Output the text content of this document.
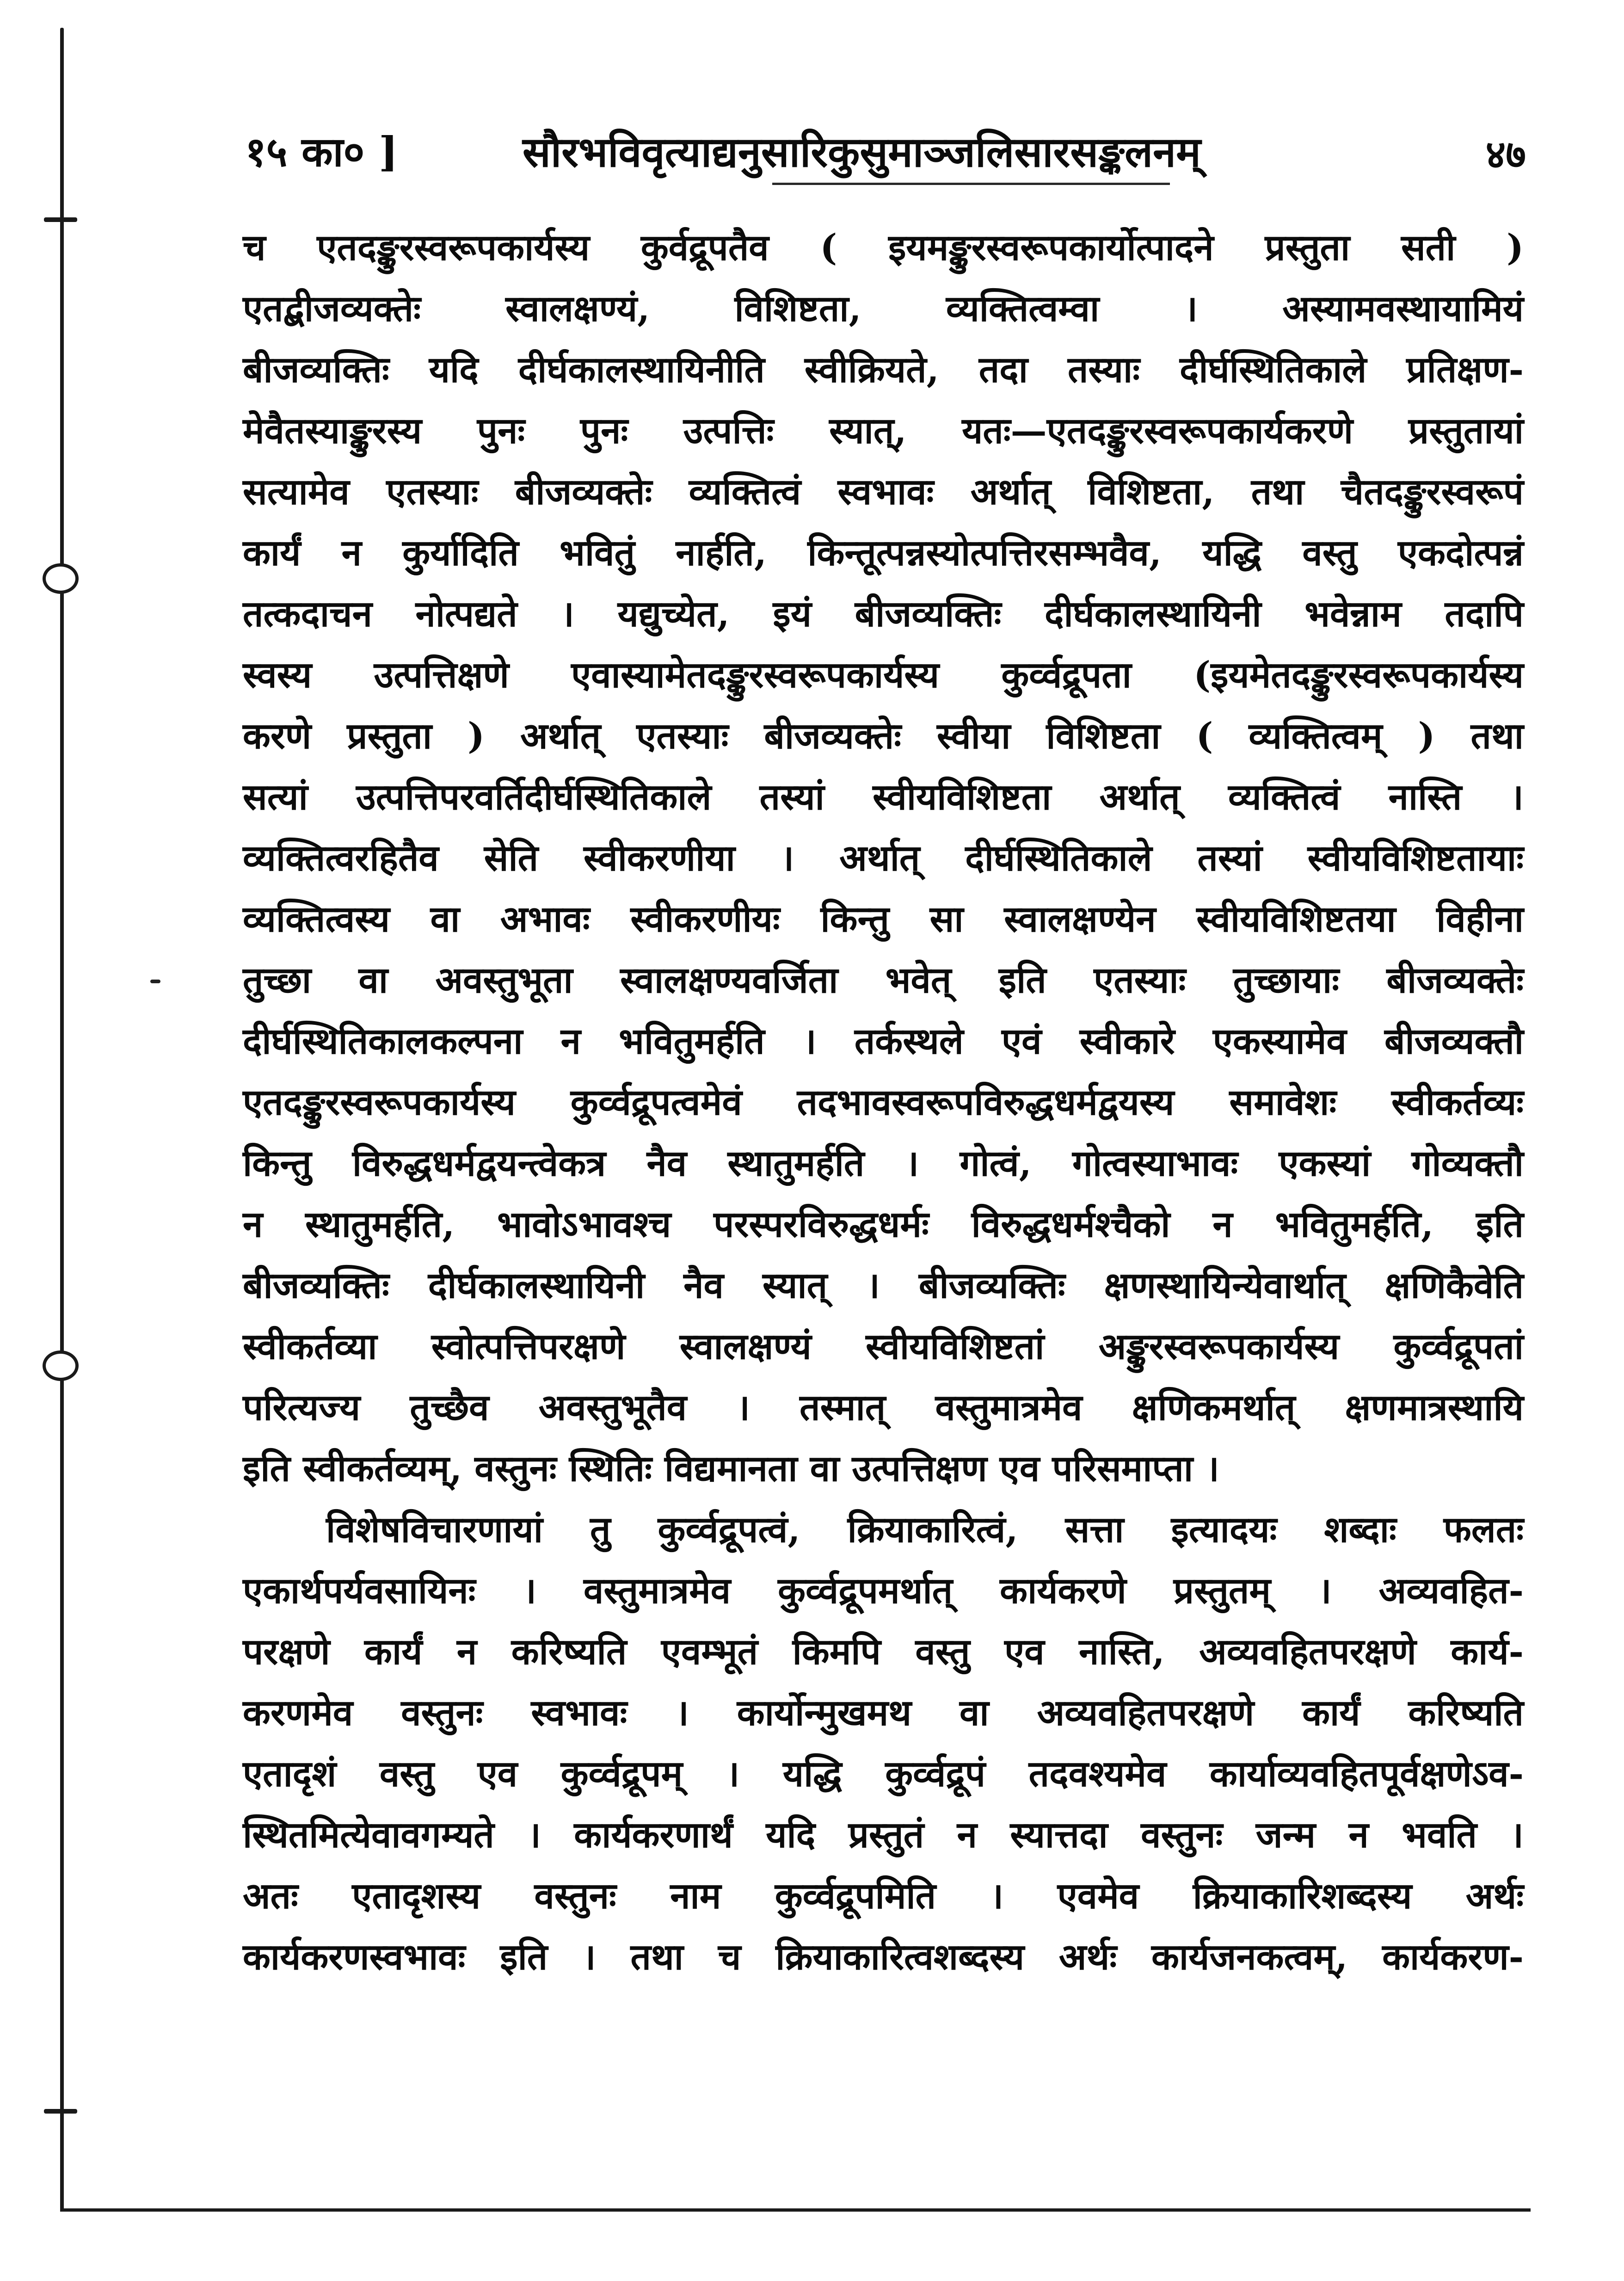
१५ का० ]	सौरभविवृत्याद्यनुसारिकुसुमाञ्जलिसारसङ्कलनम्	४७
च एतदङ्कुरस्वरूपकार्यस्य कुर्वद्रूपतैव ( इयमङ्कुरस्वरूपकार्योत्पादने प्रस्तुता सती )
एतद्बीजव्यक्तेः स्वालक्षण्यं, विशिष्टता, व्यक्तित्वम्वा । अस्यामवस्थायामियं
बीजव्यक्तिः यदि दीर्घकालस्थायिनीति स्वीक्रियते, तदा तस्याः दीर्घस्थितिकाले प्रतिक्षण-
मेवैतस्याङ्कुरस्य पुनः पुनः उत्पत्तिः स्यात्, यतः—एतदङ्कुरस्वरूपकार्यकरणे प्रस्तुतायां
सत्यामेव एतस्याः बीजव्यक्तेः व्यक्तित्वं स्वभावः अर्थात् विशिष्टता, तथा चैतदङ्कुरस्वरूपं
कार्यं न कुर्यादिति भवितुं नार्हति, किन्तूत्पन्नस्योत्पत्तिरसम्भवैव, यद्धि वस्तु एकदोत्पन्नं
तत्कदाचन नोत्पद्यते । यद्युच्येत, इयं बीजव्यक्तिः दीर्घकालस्थायिनी भवेन्नाम तदापि
स्वस्य उत्पत्तिक्षणे एवास्यामेतदङ्कुरस्वरूपकार्यस्य कुर्व्वद्रूपता (इयमेतदङ्कुरस्वरूपकार्यस्य
करणे प्रस्तुता ) अर्थात् एतस्याः बीजव्यक्तेः स्वीया विशिष्टता ( व्यक्तित्वम् ) तथा
सत्यां उत्पत्तिपरवर्तिदीर्घस्थितिकाले तस्यां स्वीयविशिष्टता अर्थात् व्यक्तित्वं नास्ति ।
व्यक्तित्वरहितैव सेति स्वीकरणीया । अर्थात् दीर्घस्थितिकाले तस्यां स्वीयविशिष्टतायाः
व्यक्तित्वस्य वा अभावः स्वीकरणीयः किन्तु सा स्वालक्षण्येन स्वीयविशिष्टतया विहीना
तुच्छा वा अवस्तुभूता स्वालक्षण्यवर्जिता भवेत् इति एतस्याः तुच्छायाः बीजव्यक्तेः
दीर्घस्थितिकालकल्पना न भवितुमर्हति । तर्कस्थले एवं स्वीकारे एकस्यामेव बीजव्यक्तौ
एतदङ्कुरस्वरूपकार्यस्य कुर्व्वद्रूपत्वमेवं तदभावस्वरूपविरुद्धधर्मद्वयस्य समावेशः स्वीकर्तव्यः
किन्तु विरुद्धधर्मद्वयन्त्वेकत्र नैव स्थातुमर्हति । गोत्वं, गोत्वस्याभावः एकस्यां गोव्यक्तौ
न स्थातुमर्हति, भावोऽभावश्च परस्परविरुद्धधर्मः विरुद्धधर्मश्चैको न भवितुमर्हति, इति
बीजव्यक्तिः दीर्घकालस्थायिनी नैव स्यात् । बीजव्यक्तिः क्षणस्थायिन्येवार्थात् क्षणिकैवेति
स्वीकर्तव्या स्वोत्पत्तिपरक्षणे स्वालक्षण्यं स्वीयविशिष्टतां अङ्कुरस्वरूपकार्यस्य कुर्व्वद्रूपतां
परित्यज्य तुच्छैव अवस्तुभूतैव । तस्मात् वस्तुमात्रमेव क्षणिकमर्थात् क्षणमात्रस्थायि
इति स्वीकर्तव्यम्, वस्तुनः स्थितिः विद्यमानता वा उत्पत्तिक्षण एव परिसमाप्ता ।
विशेषविचारणायां तु कुर्व्वद्रूपत्वं, क्रियाकारित्वं, सत्ता इत्यादयः शब्दाः फलतः
एकार्थपर्यवसायिनः । वस्तुमात्रमेव कुर्व्वद्रूपमर्थात् कार्यकरणे प्रस्तुतम् । अव्यवहित-
परक्षणे कार्यं न करिष्यति एवम्भूतं किमपि वस्तु एव नास्ति, अव्यवहितपरक्षणे कार्य-
करणमेव वस्तुनः स्वभावः । कार्योन्मुखमथ वा अव्यवहितपरक्षणे कार्यं करिष्यति
एतादृशं वस्तु एव कुर्व्वद्रूपम् । यद्धि कुर्व्वद्रूपं तदवश्यमेव कार्याव्यवहितपूर्वक्षणेऽव-
स्थितमित्येवावगम्यते । कार्यकरणार्थं यदि प्रस्तुतं न स्यात्तदा वस्तुनः जन्म न भवति ।
अतः एतादृशस्य वस्तुनः नाम कुर्व्वद्रूपमिति । एवमेव क्रियाकारिशब्दस्य अर्थः
कार्यकरणस्वभावः इति । तथा च क्रियाकारित्वशब्दस्य अर्थः कार्यजनकत्वम्, कार्यकरण-
